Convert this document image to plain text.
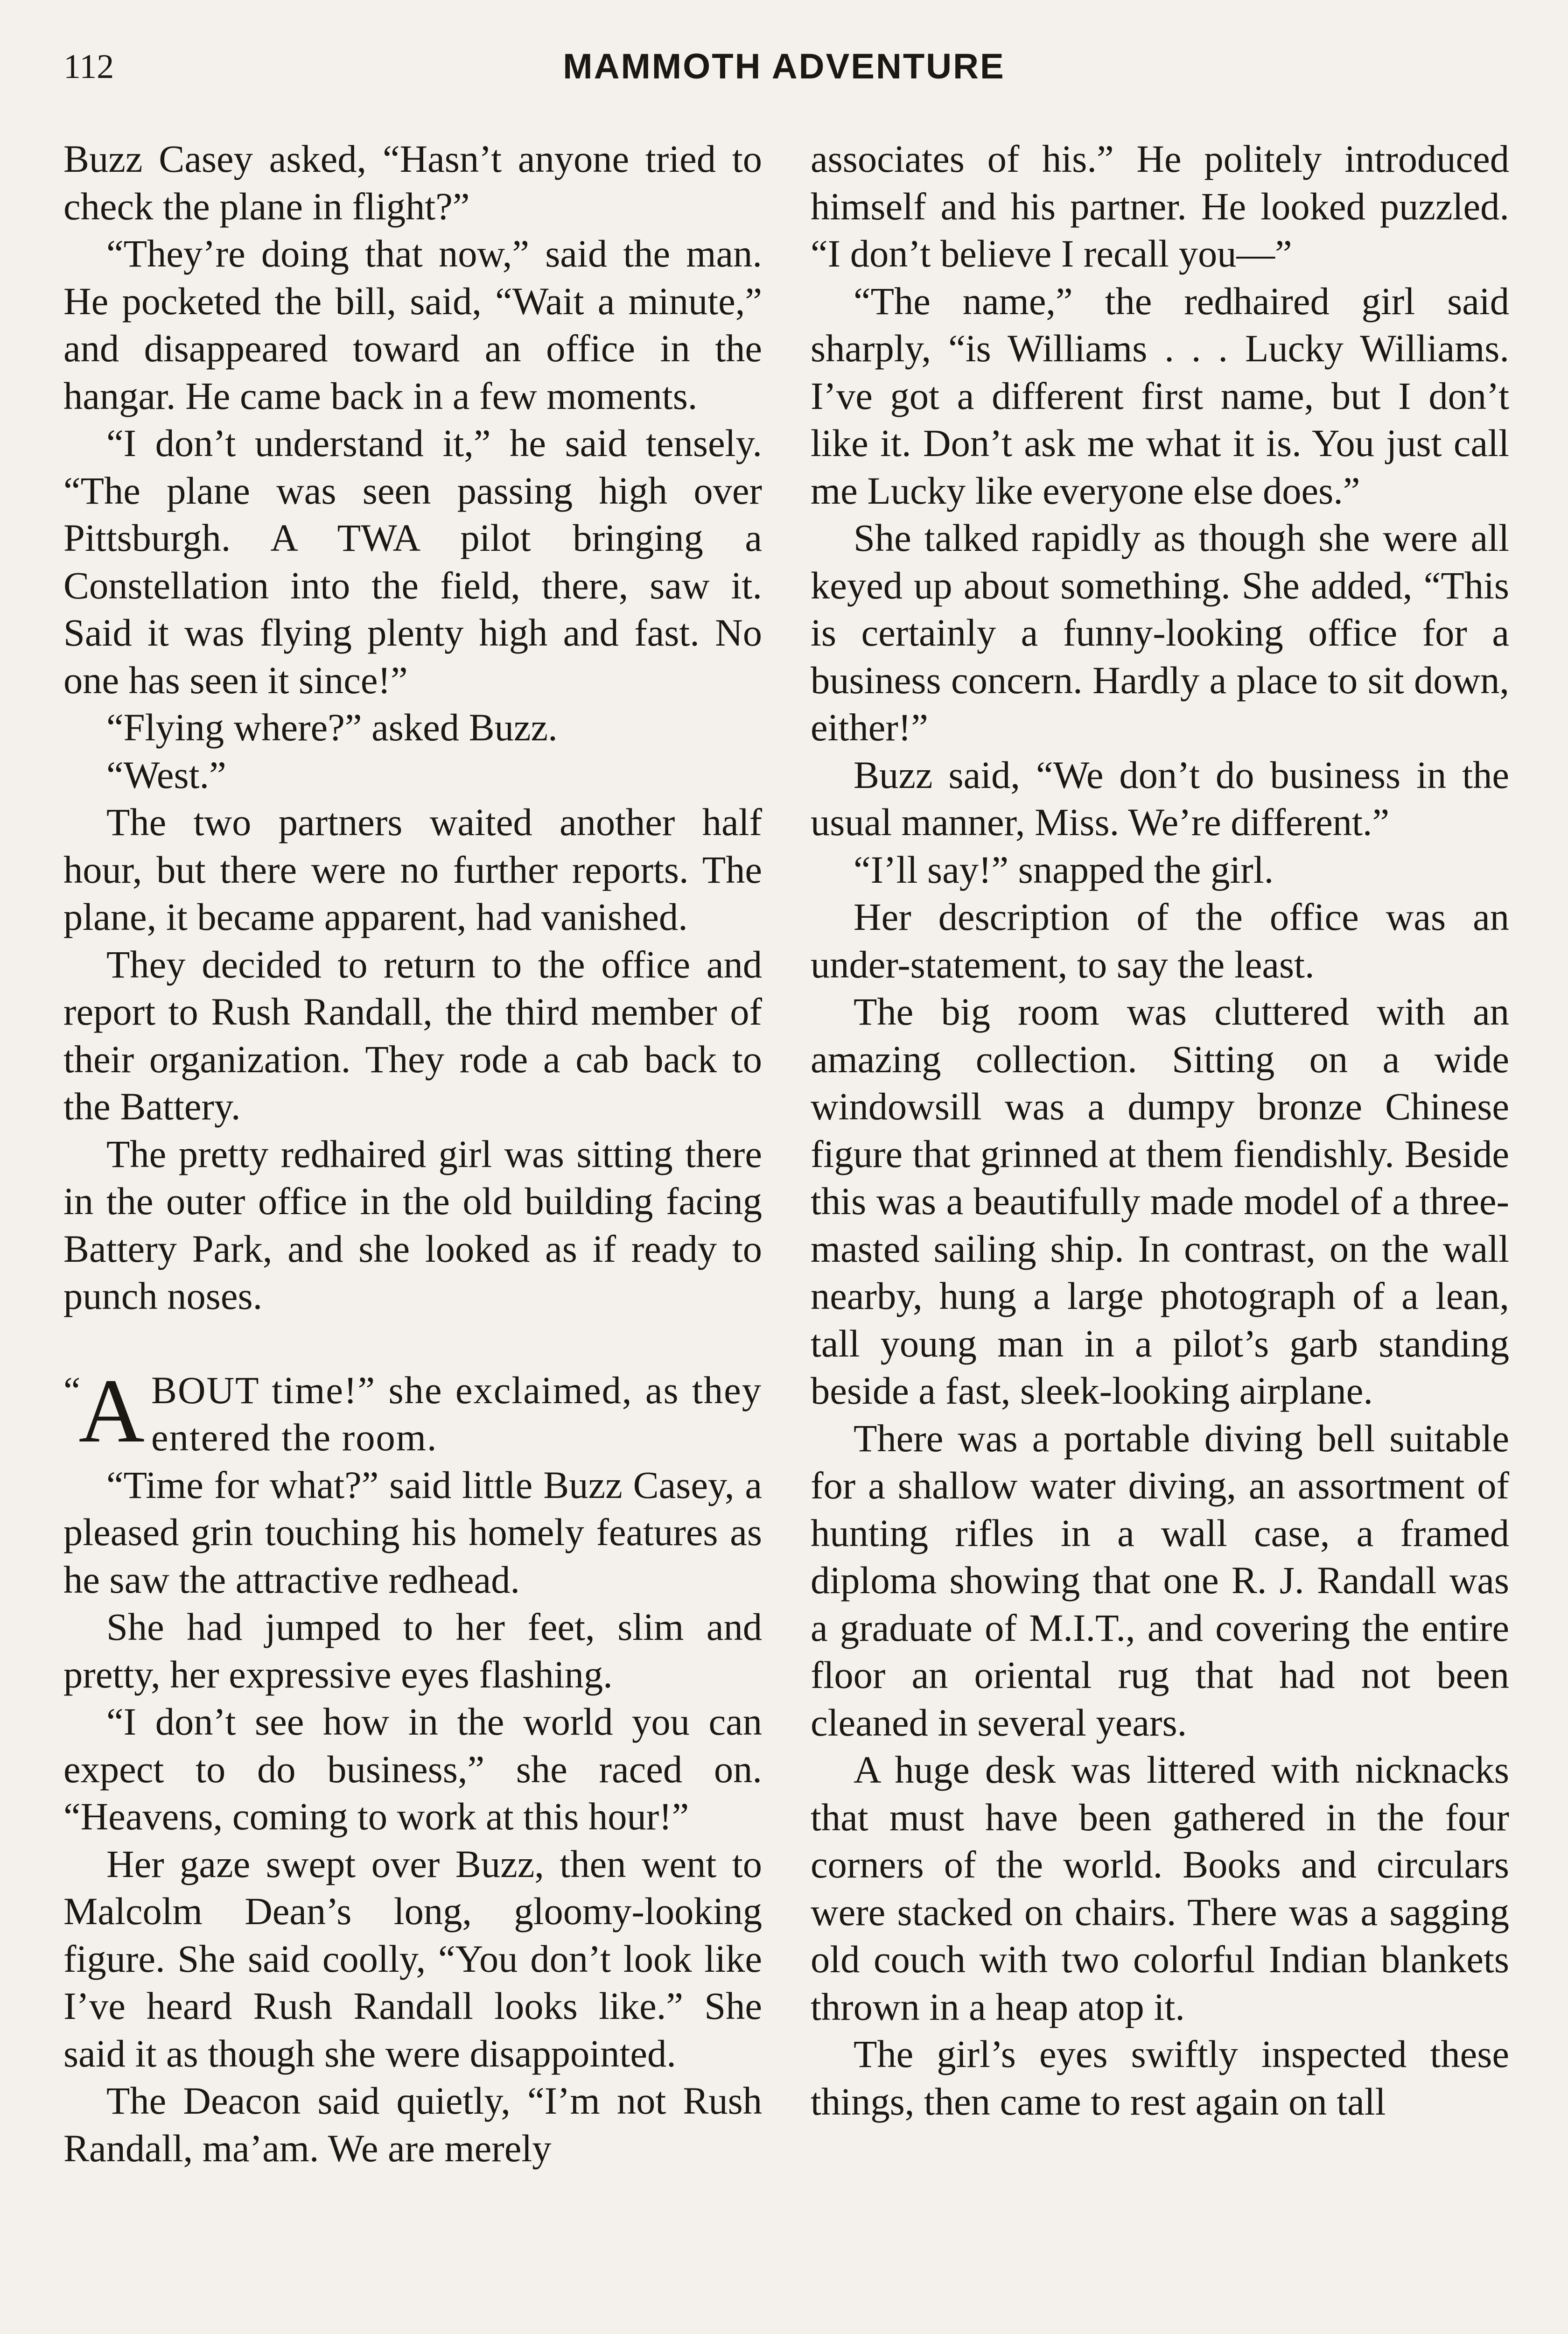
112	MAMMOTH ADVENTURE

Buzz Casey asked, “Hasn’t anyone tried to check the plane in flight?”

“They’re doing that now,” said the man. He pocketed the bill, said, “Wait a minute,” and disappeared toward an office in the hangar. He came back in a few moments.

“I don’t understand it,” he said tensely. “The plane was seen passing high over Pittsburgh. A TWA pilot bringing a Constellation into the field, there, saw it. Said it was flying plenty high and fast. No one has seen it since!”

“Flying where?” asked Buzz.

“West.”

The two partners waited another half hour, but there were no further reports. The plane, it became apparent, had vanished.

They decided to return to the office and report to Rush Randall, the third member of their organization. They rode a cab back to the Battery.

The pretty redhaired girl was sitting there in the outer office in the old building facing Battery Park, and she looked as if ready to punch noses.

“A BOUT time!” she exclaimed, as they entered the room.

“Time for what?” said little Buzz Casey, a pleased grin touching his homely features as he saw the attractive redhead.

She had jumped to her feet, slim and pretty, her expressive eyes flashing.

“I don’t see how in the world you can expect to do business,” she raced on. “Heavens, coming to work at this hour!”

Her gaze swept over Buzz, then went to Malcolm Dean’s long, gloomy-looking figure. She said coolly, “You don’t look like I’ve heard Rush Randall looks like.” She said it as though she were disappointed.

The Deacon said quietly, “I’m not Rush Randall, ma’am. We are merely

associates of his.” He politely introduced himself and his partner. He looked puzzled. “I don’t believe I recall you—”

“The name,” the redhaired girl said sharply, “is Williams . . . Lucky Williams. I’ve got a different first name, but I don’t like it. Don’t ask me what it is. You just call me Lucky like everyone else does.”

She talked rapidly as though she were all keyed up about something. She added, “This is certainly a funny-looking office for a business concern. Hardly a place to sit down, either!”

Buzz said, “We don’t do business in the usual manner, Miss. We’re different.”

“I’ll say!” snapped the girl.

Her description of the office was an under-statement, to say the least.

The big room was cluttered with an amazing collection. Sitting on a wide windowsill was a dumpy bronze Chinese figure that grinned at them fiendishly. Beside this was a beautifully made model of a three-masted sailing ship. In contrast, on the wall nearby, hung a large photograph of a lean, tall young man in a pilot’s garb standing beside a fast, sleek-looking airplane.

There was a portable diving bell suitable for a shallow water diving, an assortment of hunting rifles in a wall case, a framed diploma showing that one R. J. Randall was a graduate of M.I.T., and covering the entire floor an oriental rug that had not been cleaned in several years.

A huge desk was littered with nicknacks that must have been gathered in the four corners of the world. Books and circulars were stacked on chairs. There was a sagging old couch with two colorful Indian blankets thrown in a heap atop it.

The girl’s eyes swiftly inspected these things, then came to rest again on tall
